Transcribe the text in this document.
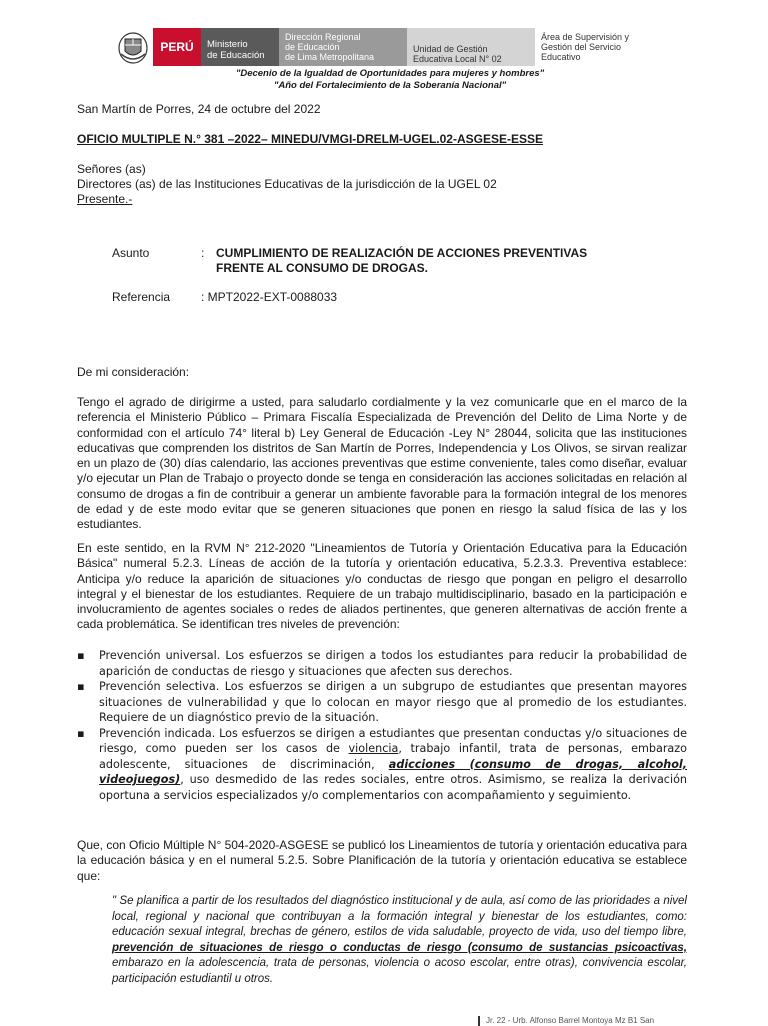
PERÚ Ministerio
de Educación
Dirección Regional
de Educación
de Lima Metropolitana
Unidad de Gestión
Educativa Local N° 02
Área de Supervisión y
Gestión del Servicio
Educativo
"Decenio de la Igualdad de Oportunidades para mujeres y hombres"
"Año del Fortalecimiento de la Soberanía Nacional"
San Martín de Porres, 24 de octubre del 2022
OFICIO MULTIPLE N.° 381 –2022– MINEDU/VMGI-DRELM-UGEL.02-ASGESE-ESSE
Señores (as)
Directores (as) de las Instituciones Educativas de la jurisdicción de la UGEL 02
Presente.-
Asunto	: CUMPLIMIENTO DE REALIZACIÓN DE ACCIONES PREVENTIVAS
FRENTE AL CONSUMO DE DROGAS.
Referencia	: MPT2022-EXT-0088033
De mi consideración:
Tengo el agrado de dirigirme a usted, para saludarlo cordialmente y la vez comunicarle que en el marco de la referencia el Ministerio Público – Primara Fiscalía Especializada de Prevención del Delito de Lima Norte y de conformidad con el artículo 74° literal b) Ley General de Educación -Ley N° 28044, solicita que las instituciones educativas que comprenden los distritos de San Martín de Porres, Independencia y Los Olivos, se sirvan realizar en un plazo de (30) días calendario, las acciones preventivas que estime conveniente, tales como diseñar, evaluar y/o ejecutar un Plan de Trabajo o proyecto donde se tenga en consideración las acciones solicitadas en relación al consumo de drogas a fin de contribuir a generar un ambiente favorable para la formación integral de los menores de edad y de este modo evitar que se generen situaciones que ponen en riesgo la salud física de las y los estudiantes.
En este sentido, en la RVM N° 212-2020 "Lineamientos de Tutoría y Orientación Educativa para la Educación Básica" numeral 5.2.3. Líneas de acción de la tutoría y orientación educativa, 5.2.3.3. Preventiva establece: Anticipa y/o reduce la aparición de situaciones y/o conductas de riesgo que pongan en peligro el desarrollo integral y el bienestar de los estudiantes. Requiere de un trabajo multidisciplinario, basado en la participación e involucramiento de agentes sociales o redes de aliados pertinentes, que generen alternativas de acción frente a cada problemática. Se identifican tres niveles de prevención:
▪ Prevención universal. Los esfuerzos se dirigen a todos los estudiantes para reducir la probabilidad de aparición de conductas de riesgo y situaciones que afecten sus derechos.
▪ Prevención selectiva. Los esfuerzos se dirigen a un subgrupo de estudiantes que presentan mayores situaciones de vulnerabilidad y que lo colocan en mayor riesgo que al promedio de los estudiantes. Requiere de un diagnóstico previo de la situación.
▪ Prevención indicada. Los esfuerzos se dirigen a estudiantes que presentan conductas y/o situaciones de riesgo, como pueden ser los casos de violencia, trabajo infantil, trata de personas, embarazo adolescente, situaciones de discriminación, adicciones (consumo de drogas, alcohol, videojuegos), uso desmedido de las redes sociales, entre otros. Asimismo, se realiza la derivación oportuna a servicios especializados y/o complementarios con acompañamiento y seguimiento.
Que, con Oficio Múltiple N° 504-2020-ASGESE se publicó los Lineamientos de tutoría y orientación educativa para la educación básica y en el numeral 5.2.5. Sobre Planificación de la tutoría y orientación educativa se establece que:
" Se planifica a partir de los resultados del diagnóstico institucional y de aula, así como de las prioridades a nivel local, regional y nacional que contribuyan a la formación integral y bienestar de los estudiantes, como: educación sexual integral, brechas de género, estilos de vida saludable, proyecto de vida, uso del tiempo libre, prevención de situaciones de riesgo o conductas de riesgo (consumo de sustancias psicoactivas, embarazo en la adolescencia, trata de personas, violencia o acoso escolar, entre otras), convivencia escolar, participación estudiantil u otros.
Jr. 22 - Urb. Alfonso Barrel Montoya Mz B1 San
